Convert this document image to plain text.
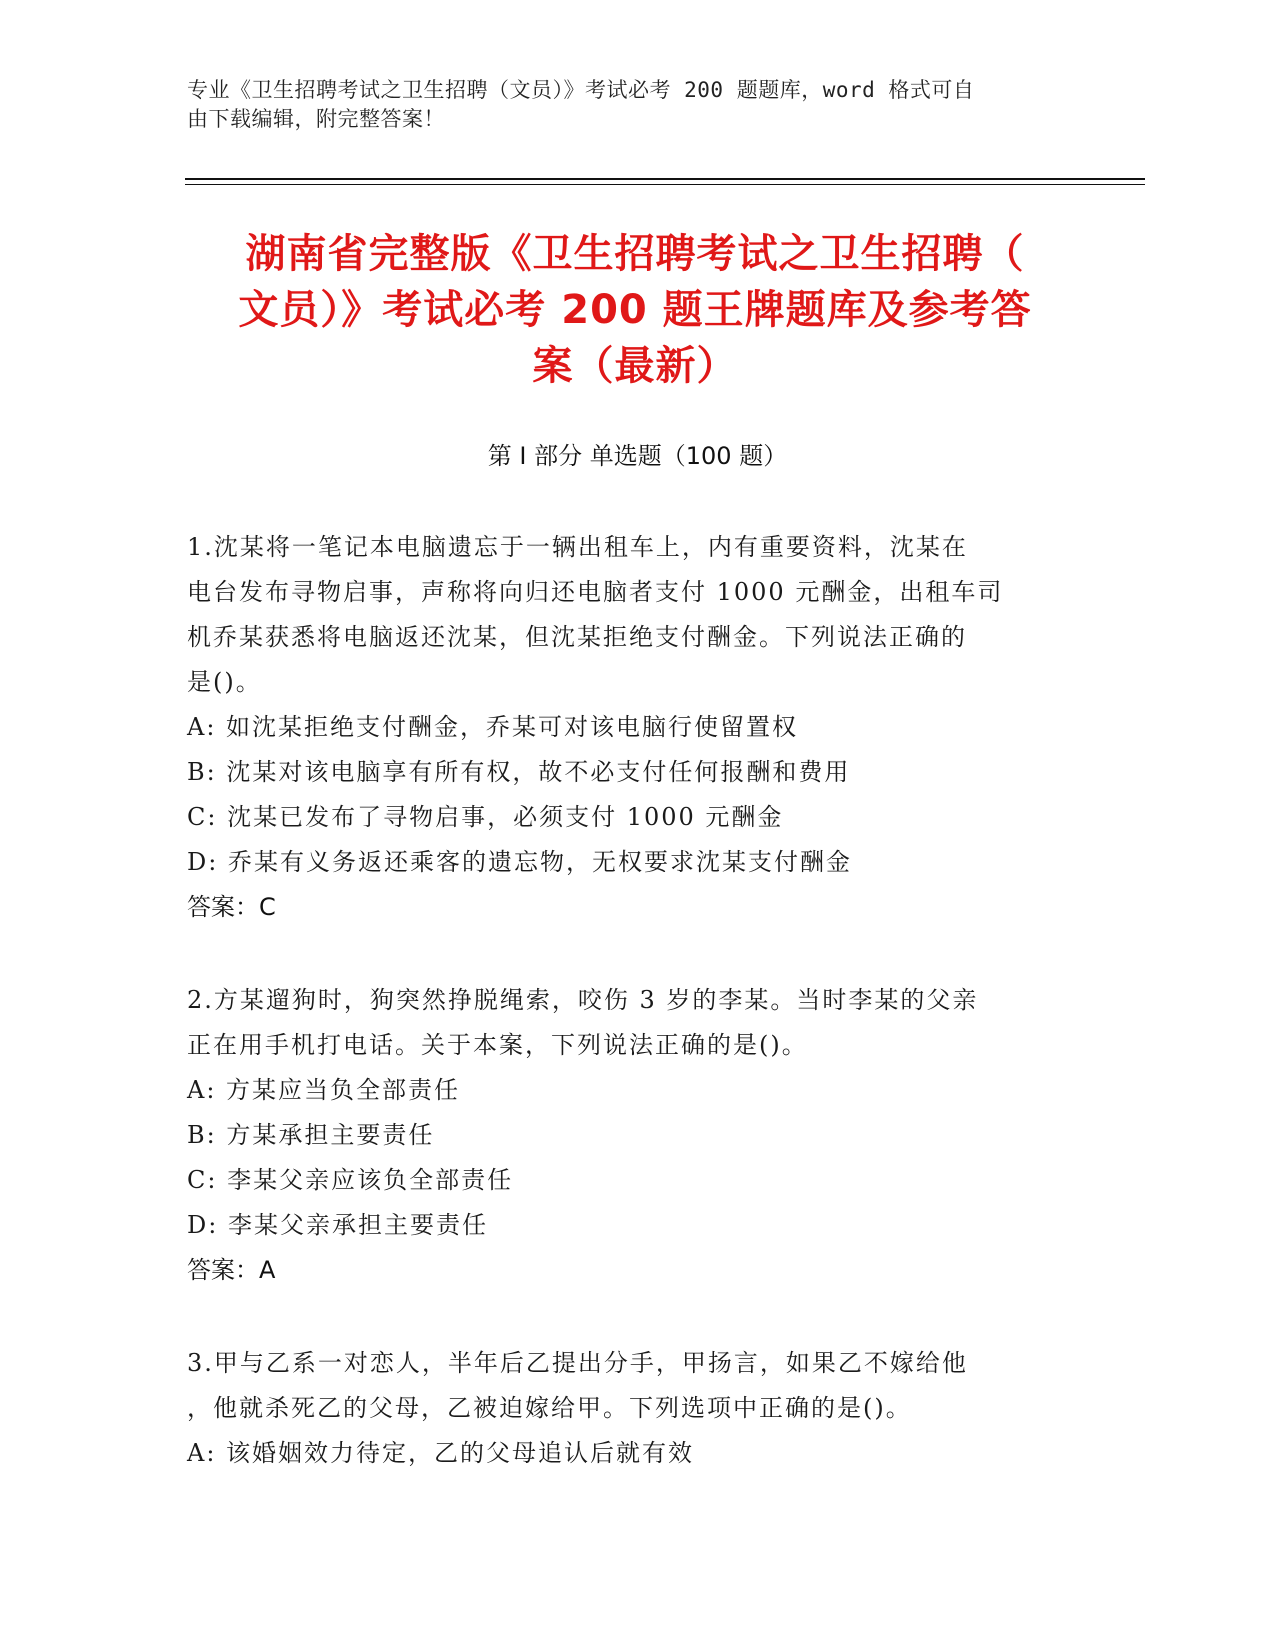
专业《卫生招聘考试之卫生招聘（文员）》考试必考 200 题题库，word 格式可自
由下载编辑，附完整答案！
湖南省完整版《卫生招聘考试之卫生招聘（
文员）》考试必考 200 题王牌题库及参考答
案（最新）
第 I 部分 单选题（100 题）
1.沈某将一笔记本电脑遗忘于一辆出租车上，内有重要资料，沈某在
电台发布寻物启事，声称将向归还电脑者支付 1000 元酬金，出租车司
机乔某获悉将电脑返还沈某，但沈某拒绝支付酬金。下列说法正确的
是()。
A: 如沈某拒绝支付酬金，乔某可对该电脑行使留置权
B: 沈某对该电脑享有所有权，故不必支付任何报酬和费用
C: 沈某已发布了寻物启事，必须支付 1000 元酬金
D: 乔某有义务返还乘客的遗忘物，无权要求沈某支付酬金
答案：C
2.方某遛狗时，狗突然挣脱绳索，咬伤 3 岁的李某。当时李某的父亲
正在用手机打电话。关于本案，下列说法正确的是()。
A: 方某应当负全部责任
B: 方某承担主要责任
C: 李某父亲应该负全部责任
D: 李某父亲承担主要责任
答案：A
3.甲与乙系一对恋人，半年后乙提出分手，甲扬言，如果乙不嫁给他
，他就杀死乙的父母，乙被迫嫁给甲。下列选项中正确的是()。
A: 该婚姻效力待定，乙的父母追认后就有效
